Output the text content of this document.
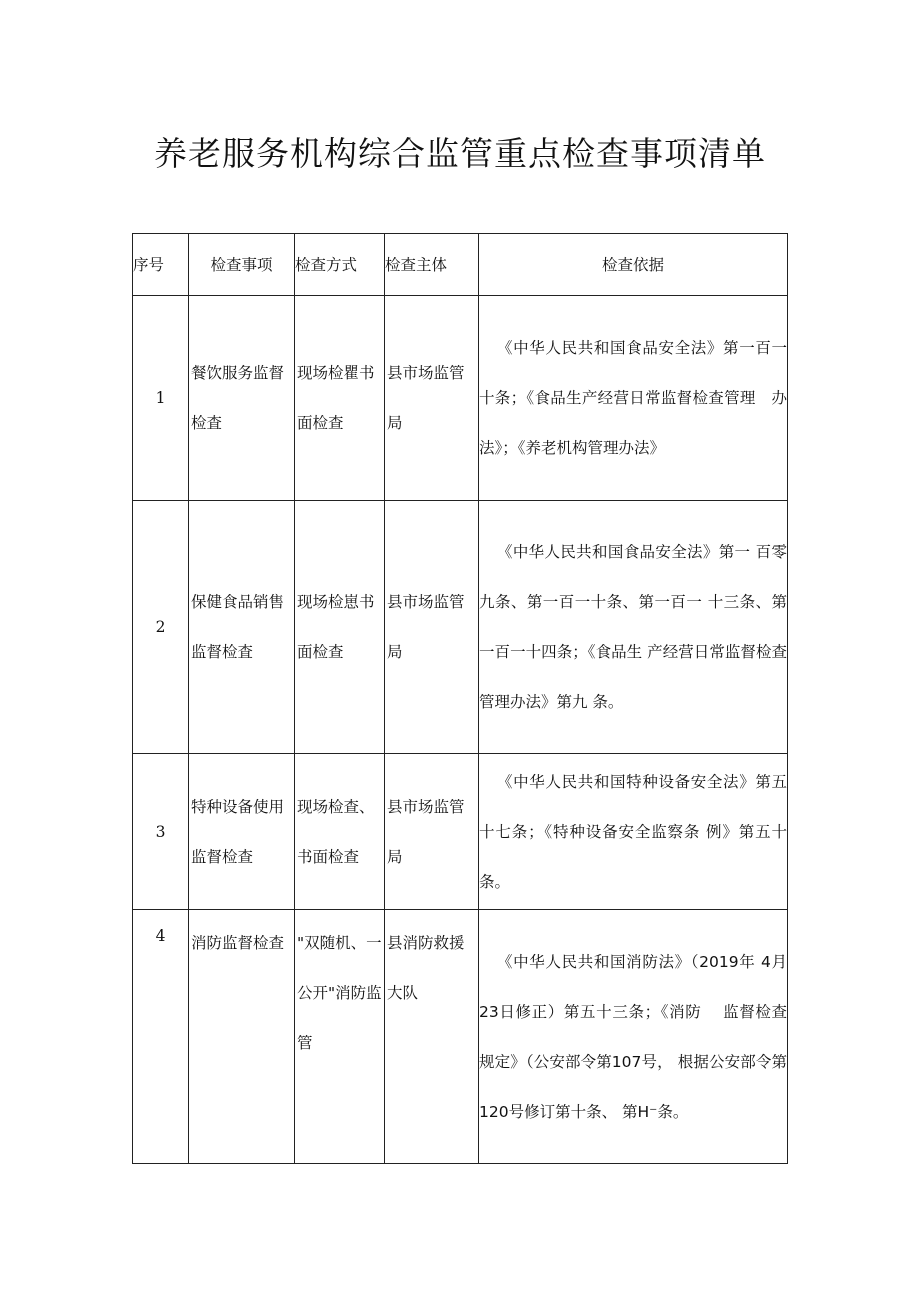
养老服务机构综合监管重点检查事项清单
序号	检查事项	检查方式	检查主体	检查依据
1	餐饮服务监督检査	现场检瞿书面检查	县市场监管局	《中华人民共和国食品安全法》第一百一十条；《食品生产经营日常监督检查管理　办法》；《养老机构管理办法》
2	保健食品销售监督检査	现场检崽书面检查	县市场监管局	《中华人民共和国食品安全法》第一 百零九条、第一百一十条、第一百一 十三条、第一百一十四条；《食品生 产经营日常监督检查管理办法》第九 条。
3	特种设备使用监督检查	现场检查、书面检查	县市场监管局	《中华人民共和国特种设备安全法》第五十七条；《特种设备安全监察条 例》第五十条。
4	消防监督检查	"双随机、一公开"消防监管	县消防救援大队	《中华人民共和国消防法》（2019年 4月23日修正）第五十三条；《消防　 监督检查规定》（公安部令第107号， 根据公安部令第120号修订第十条、 第H⁻条。
